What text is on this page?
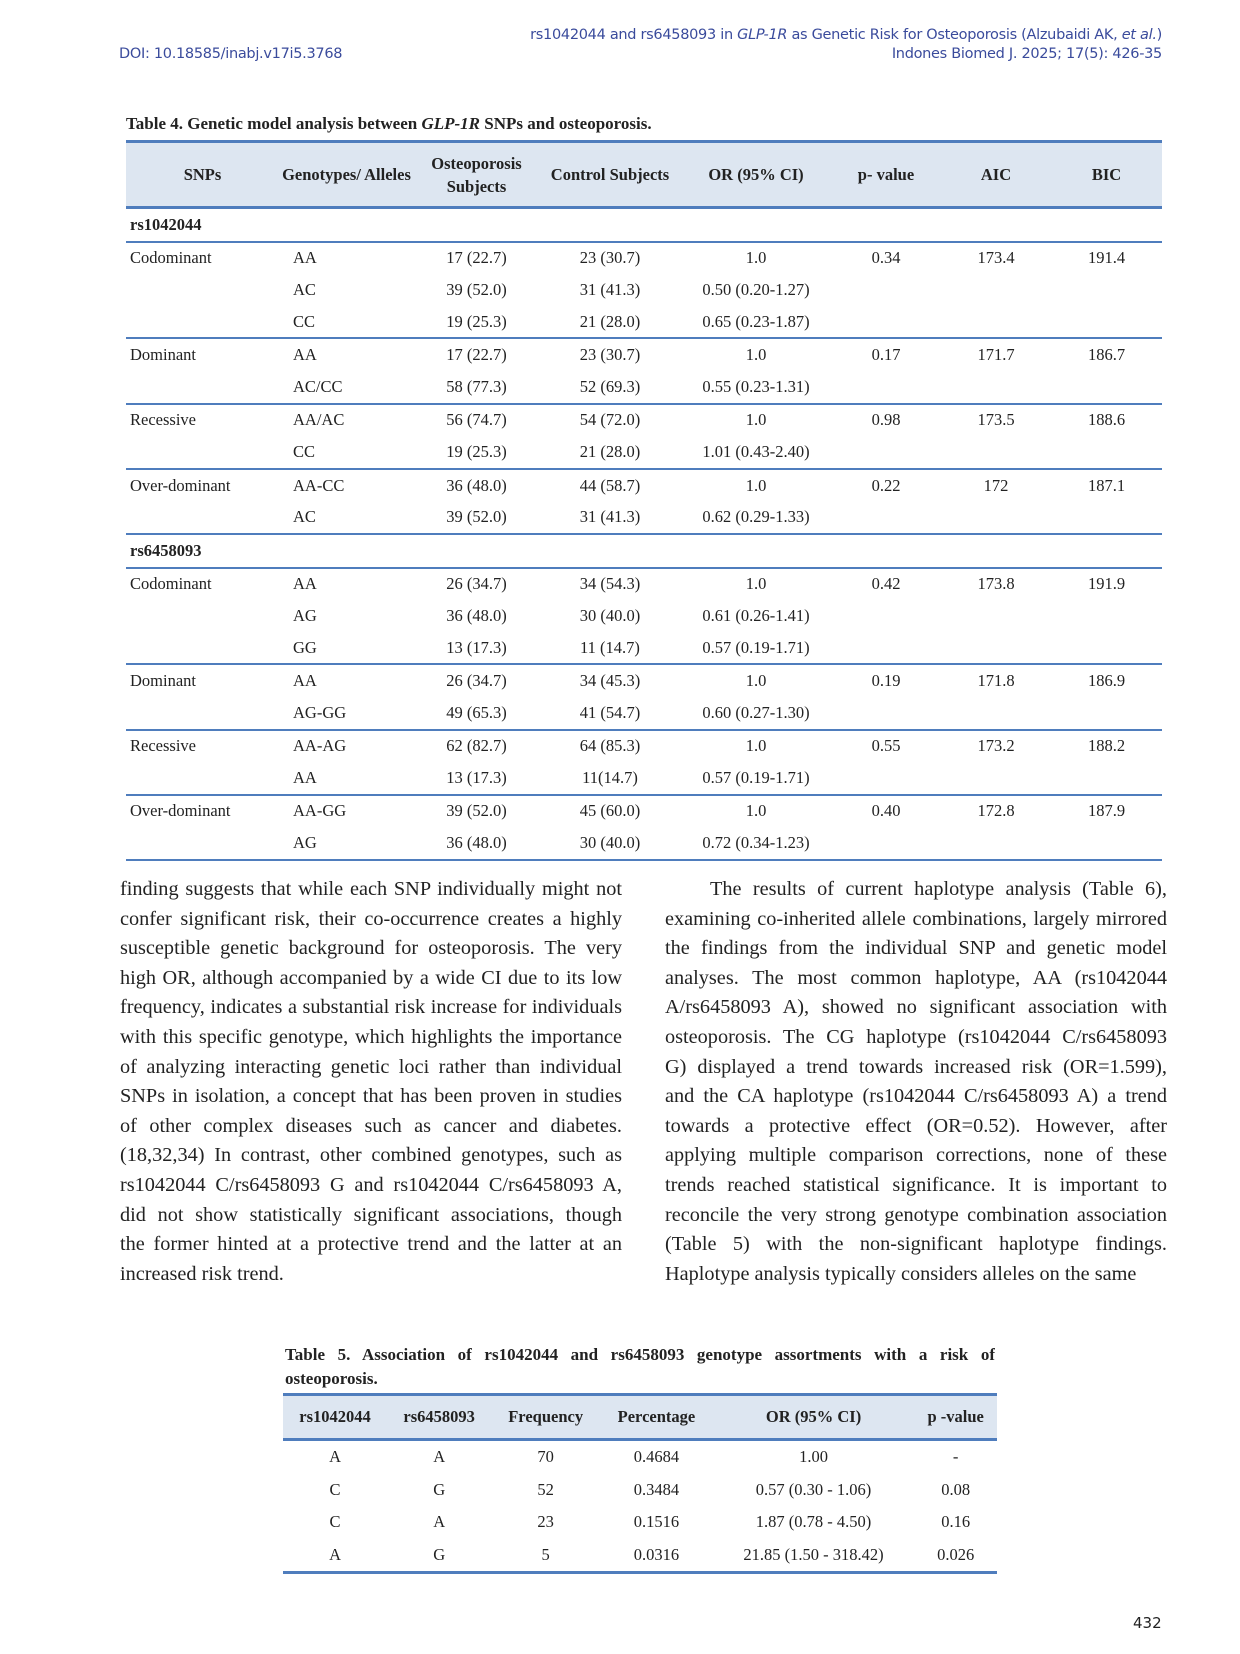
rs1042044 and rs6458093 in GLP-1R as Genetic Risk for Osteoporosis (Alzubaidi AK, et al.)
DOI: 10.18585/inabj.v17i5.3768	Indones Biomed J. 2025; 17(5): 426-35
Table 4. Genetic model analysis between GLP-1R SNPs and osteoporosis.
SNPs	Genotypes/ Alleles	Osteoporosis Subjects	Control Subjects	OR (95% CI)	p- value	AIC	BIC
rs1042044							
Codominant	AA	17 (22.7)	23 (30.7)	1.0	0.34	173.4	191.4
	AC	39 (52.0)	31 (41.3)	0.50 (0.20-1.27)			
	CC	19 (25.3)	21 (28.0)	0.65 (0.23-1.87)			
Dominant	AA	17 (22.7)	23 (30.7)	1.0	0.17	171.7	186.7
	AC/CC	58 (77.3)	52 (69.3)	0.55 (0.23-1.31)			
Recessive	AA/AC	56 (74.7)	54 (72.0)	1.0	0.98	173.5	188.6
	CC	19 (25.3)	21 (28.0)	1.01 (0.43-2.40)			
Over-dominant	AA-CC	36 (48.0)	44 (58.7)	1.0	0.22	172	187.1
	AC	39 (52.0)	31 (41.3)	0.62 (0.29-1.33)			
rs6458093							
Codominant	AA	26 (34.7)	34 (54.3)	1.0	0.42	173.8	191.9
	AG	36 (48.0)	30 (40.0)	0.61 (0.26-1.41)			
	GG	13 (17.3)	11 (14.7)	0.57 (0.19-1.71)			
Dominant	AA	26 (34.7)	34 (45.3)	1.0	0.19	171.8	186.9
	AG-GG	49 (65.3)	41 (54.7)	0.60 (0.27-1.30)			
Recessive	AA-AG	62 (82.7)	64 (85.3)	1.0	0.55	173.2	188.2
	AA	13 (17.3)	11(14.7)	0.57 (0.19-1.71)			
Over-dominant	AA-GG	39 (52.0)	45 (60.0)	1.0	0.40	172.8	187.9
	AG	36 (48.0)	30 (40.0)	0.72 (0.34-1.23)			
finding suggests that while each SNP individually might not
confer significant risk, their co-occurrence creates a highly
susceptible genetic background for osteoporosis. The very
high OR, although accompanied by a wide CI due to its low
frequency, indicates a substantial risk increase for individuals
with this specific genotype, which highlights the importance
of analyzing interacting genetic loci rather than individual
SNPs in isolation, a concept that has been proven in studies
of other complex diseases such as cancer and diabetes.
(18,32,34) In contrast, other combined genotypes, such as
rs1042044 C/rs6458093 G and rs1042044 C/rs6458093 A,
did not show statistically significant associations, though
the former hinted at a protective trend and the latter at an
increased risk trend.
The results of current haplotype analysis (Table 6),
examining co-inherited allele combinations, largely mirrored
the findings from the individual SNP and genetic model
analyses. The most common haplotype, AA (rs1042044
A/rs6458093 A), showed no significant association with
osteoporosis. The CG haplotype (rs1042044 C/rs6458093
G) displayed a trend towards increased risk (OR=1.599),
and the CA haplotype (rs1042044 C/rs6458093 A) a trend
towards a protective effect (OR=0.52). However, after
applying multiple comparison corrections, none of these
trends reached statistical significance. It is important to
reconcile the very strong genotype combination association
(Table 5) with the non-significant haplotype findings.
Haplotype analysis typically considers alleles on the same
Table 5. Association of rs1042044 and rs6458093 genotype assortments with a risk of
osteoporosis.
rs1042044	rs6458093	Frequency	Percentage	OR (95% CI)	p -value
A	A	70	0.4684	1.00	-
C	G	52	0.3484	0.57 (0.30 - 1.06)	0.08
C	A	23	0.1516	1.87 (0.78 - 4.50)	0.16
A	G	5	0.0316	21.85 (1.50 - 318.42)	0.026
432
